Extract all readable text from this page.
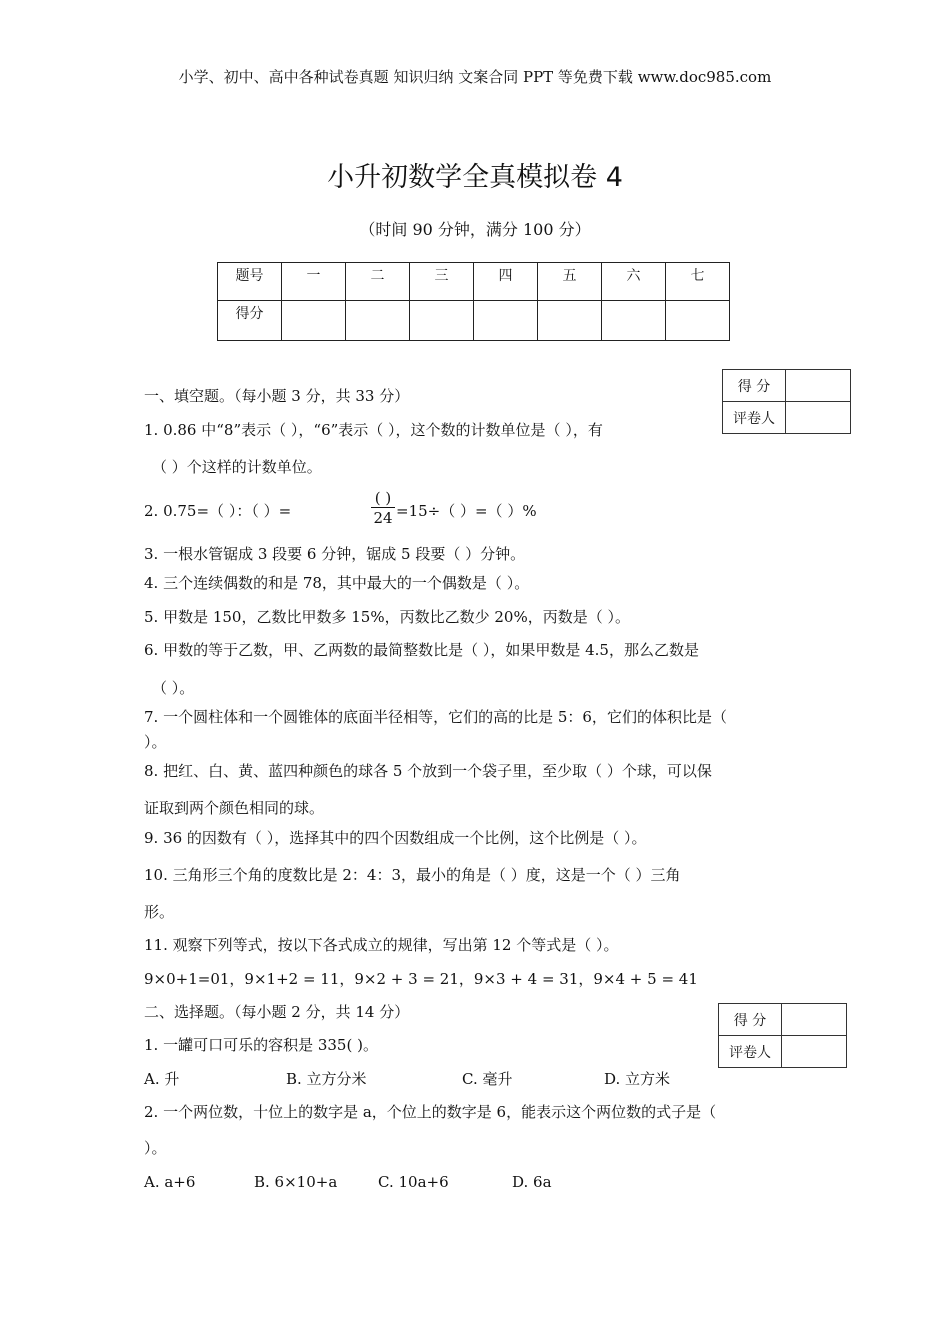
小学、初中、高中各种试卷真题 知识归纳 文案合同 PPT 等免费下载 www.doc985.com
小升初数学全真模拟卷 4
（时间 90 分钟，满分 100 分）
题号	一	二	三	四	五	六	七
得分							
得 分	
评卷人	
一、填空题。（每小题 3 分，共 33 分）
1. 0.86 中“8”表示（ ），“6”表示（ ），这个数的计数单位是（ ），有
（ ）个这样的计数单位。
2. 0.75=（ ）：（ ）=
( )
24 =15÷（ ）=（ ）%
3. 一根水管锯成 3 段要 6 分钟，锯成 5 段要（ ）分钟。
4. 三个连续偶数的和是 78，其中最大的一个偶数是（ ）。
5. 甲数是 150，乙数比甲数多 15%，丙数比乙数少 20%，丙数是（ ）。
6. 甲数的等于乙数，甲、乙两数的最简整数比是（ ），如果甲数是 4.5，那么乙数是
（ ）。
7. 一个圆柱体和一个圆锥体的底面半径相等，它们的高的比是 5：6，它们的体积比是（
）。
8. 把红、白、黄、蓝四种颜色的球各 5 个放到一个袋子里，至少取（ ）个球，可以保
证取到两个颜色相同的球。
9. 36 的因数有（ ），选择其中的四个因数组成一个比例，这个比例是（ ）。
10. 三角形三个角的度数比是 2：4：3，最小的角是（ ）度，这是一个（ ）三角
形。
11. 观察下列等式，按以下各式成立的规律，写出第 12 个等式是（ ）。
9×0+1=01，9×1+2 = 11，9×2 + 3 = 21，9×3 + 4 = 31，9×4 + 5 = 41
二、选择题。（每小题 2 分，共 14 分）	得 分	
评卷人	
1. 一罐可口可乐的容积是 335( )。
A. 升	B. 立方分米	C. 毫升	D. 立方米
2. 一个两位数，十位上的数字是 a，个位上的数字是 6，能表示这个两位数的式子是（
）。
A. a+6	B. 6×10+a	C. 10a+6	D. 6a
